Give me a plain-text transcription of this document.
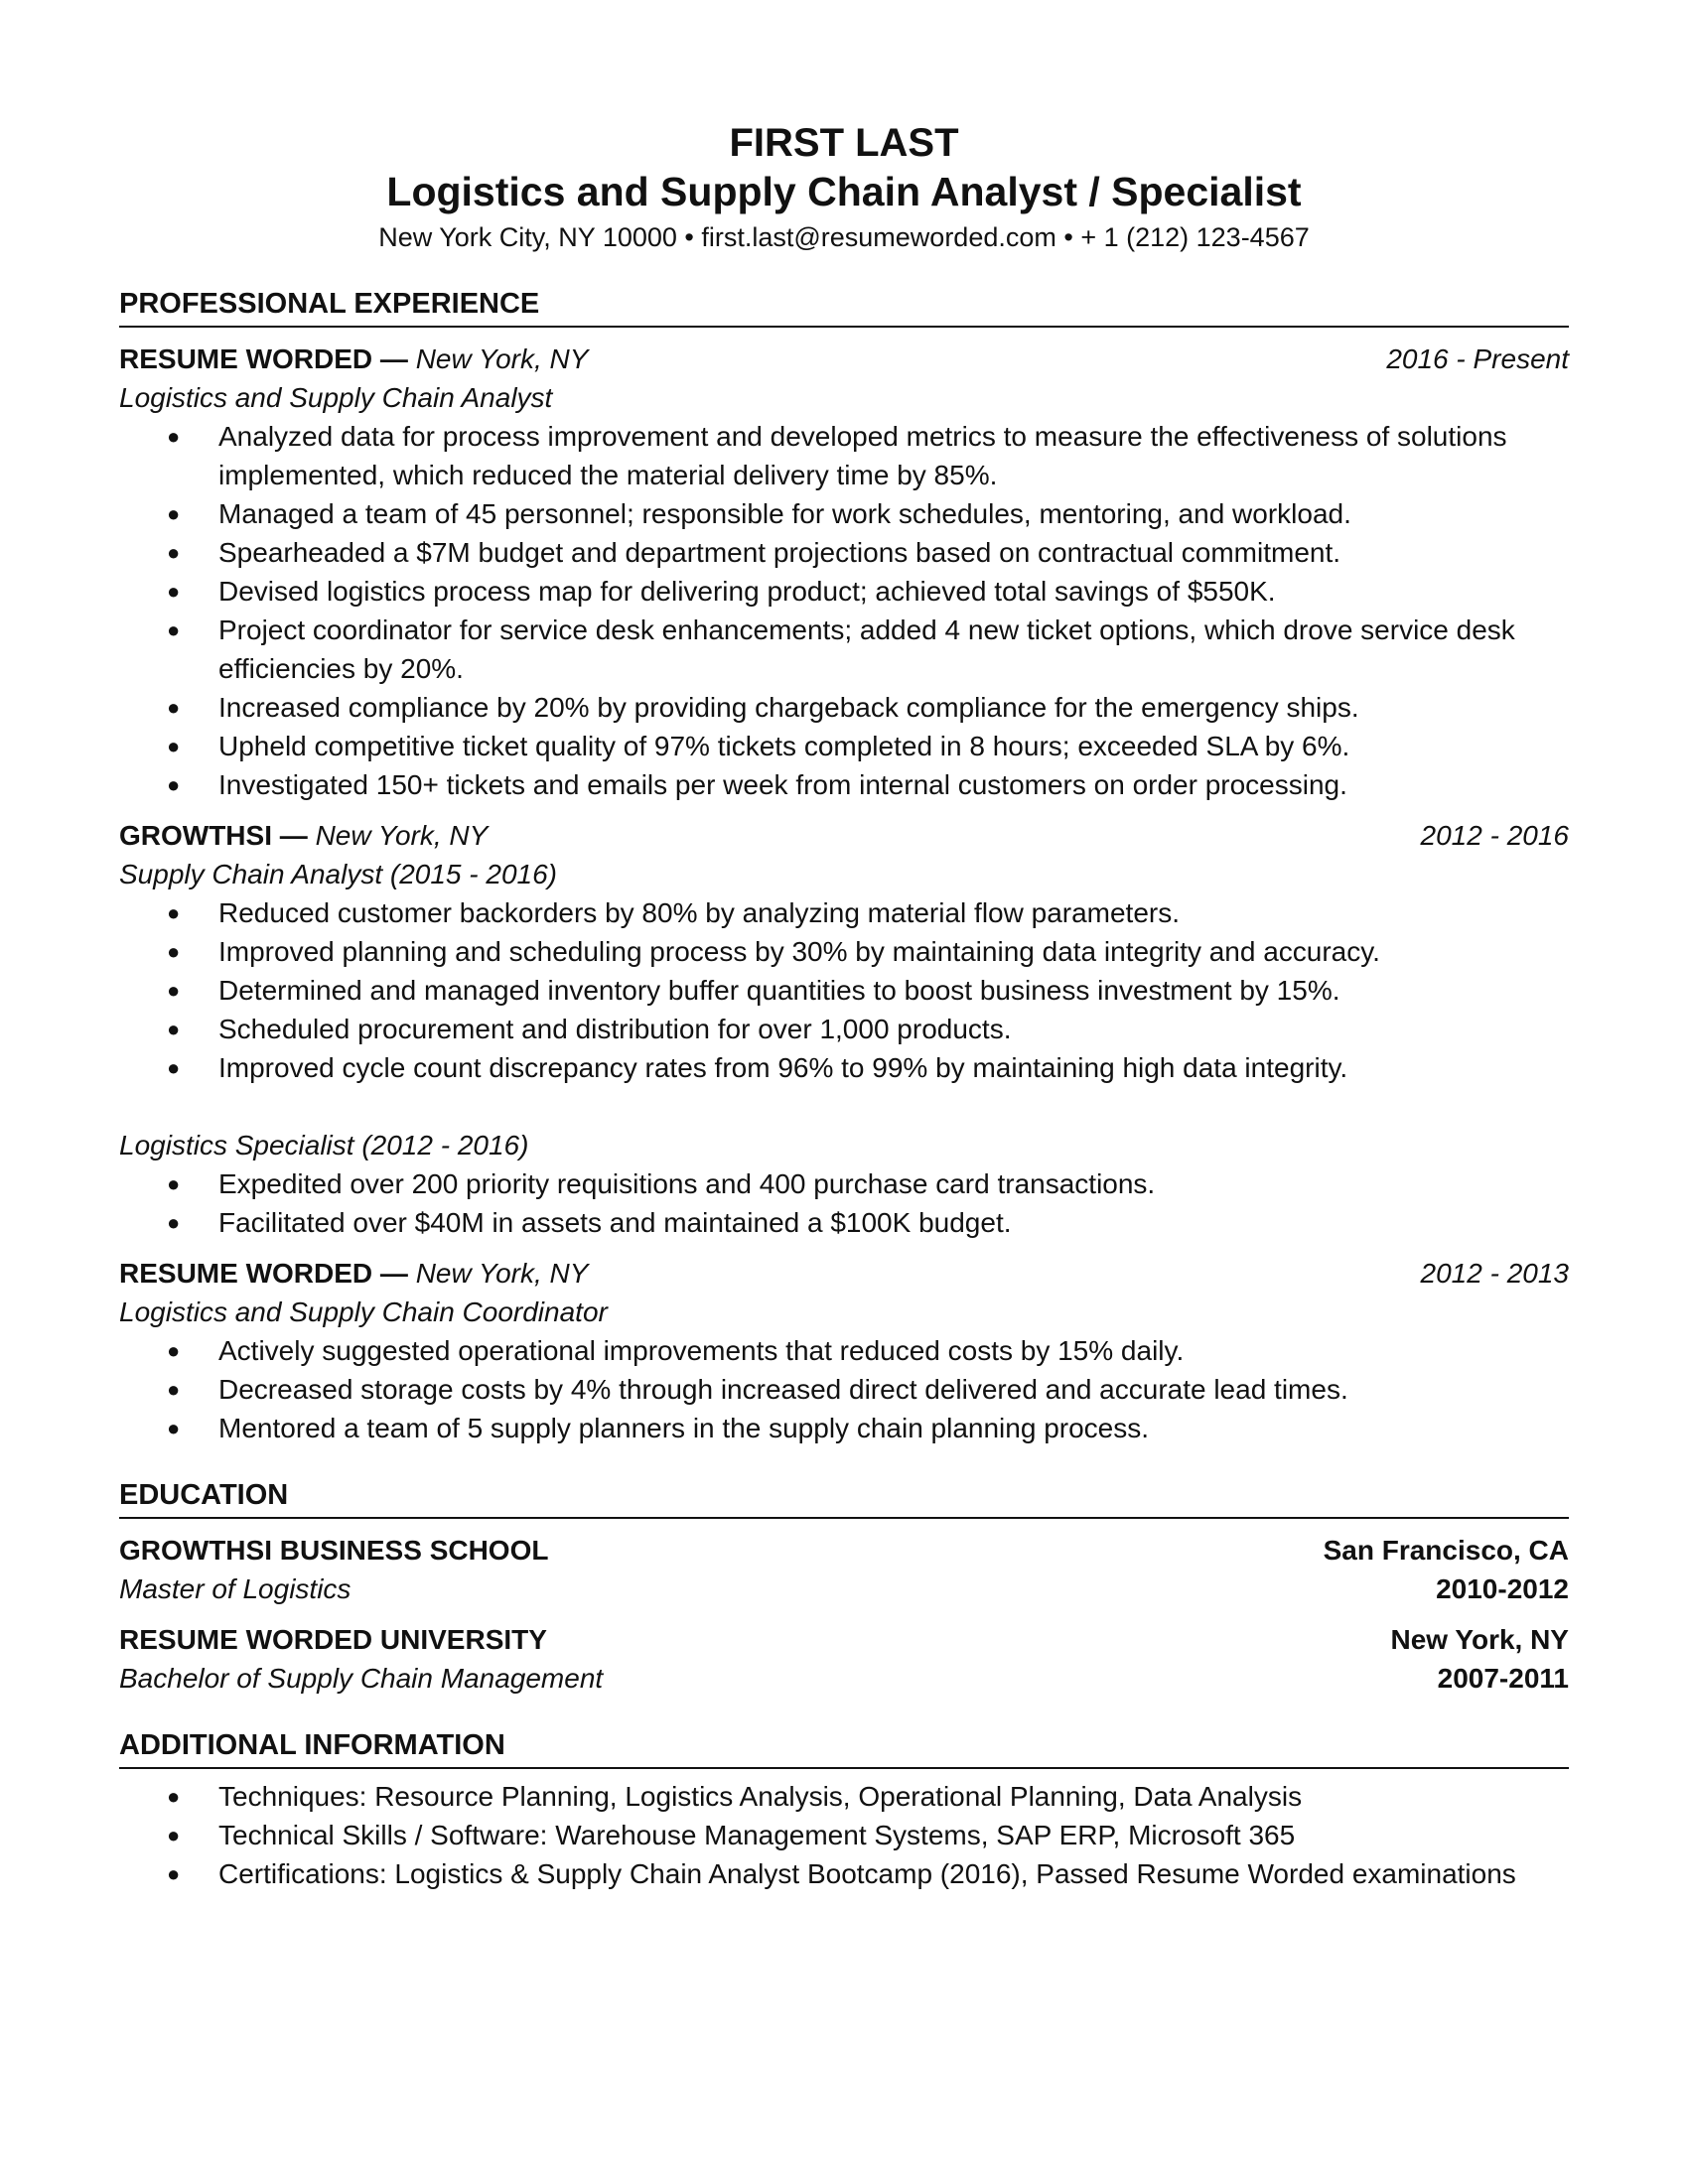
FIRST LAST
Logistics and Supply Chain Analyst / Specialist
New York City, NY 10000 • first.last@resumeworded.com • + 1 (212) 123-4567
PROFESSIONAL EXPERIENCE
RESUME WORDED — New York, NY	2016 - Present
Logistics and Supply Chain Analyst
● Analyzed data for process improvement and developed metrics to measure the effectiveness of solutions implemented, which reduced the material delivery time by 85%.
● Managed a team of 45 personnel; responsible for work schedules, mentoring, and workload.
● Spearheaded a $7M budget and department projections based on contractual commitment.
● Devised logistics process map for delivering product; achieved total savings of $550K.
● Project coordinator for service desk enhancements; added 4 new ticket options, which drove service desk efficiencies by 20%.
● Increased compliance by 20% by providing chargeback compliance for the emergency ships.
● Upheld competitive ticket quality of 97% tickets completed in 8 hours; exceeded SLA by 6%.
● Investigated 150+ tickets and emails per week from internal customers on order processing.
GROWTHSI — New York, NY	2012 - 2016
Supply Chain Analyst (2015 - 2016)
● Reduced customer backorders by 80% by analyzing material flow parameters.
● Improved planning and scheduling process by 30% by maintaining data integrity and accuracy.
● Determined and managed inventory buffer quantities to boost business investment by 15%.
● Scheduled procurement and distribution for over 1,000 products.
● Improved cycle count discrepancy rates from 96% to 99% by maintaining high data integrity.
Logistics Specialist (2012 - 2016)
● Expedited over 200 priority requisitions and 400 purchase card transactions.
● Facilitated over $40M in assets and maintained a $100K budget.
RESUME WORDED — New York, NY	2012 - 2013
Logistics and Supply Chain Coordinator
● Actively suggested operational improvements that reduced costs by 15% daily.
● Decreased storage costs by 4% through increased direct delivered and accurate lead times.
● Mentored a team of 5 supply planners in the supply chain planning process.
EDUCATION
GROWTHSI BUSINESS SCHOOL	San Francisco, CA
Master of Logistics	2010-2012
RESUME WORDED UNIVERSITY	New York, NY
Bachelor of Supply Chain Management	2007-2011
ADDITIONAL INFORMATION
● Techniques: Resource Planning, Logistics Analysis, Operational Planning, Data Analysis
● Technical Skills / Software: Warehouse Management Systems, SAP ERP, Microsoft 365
● Certifications: Logistics & Supply Chain Analyst Bootcamp (2016), Passed Resume Worded examinations
